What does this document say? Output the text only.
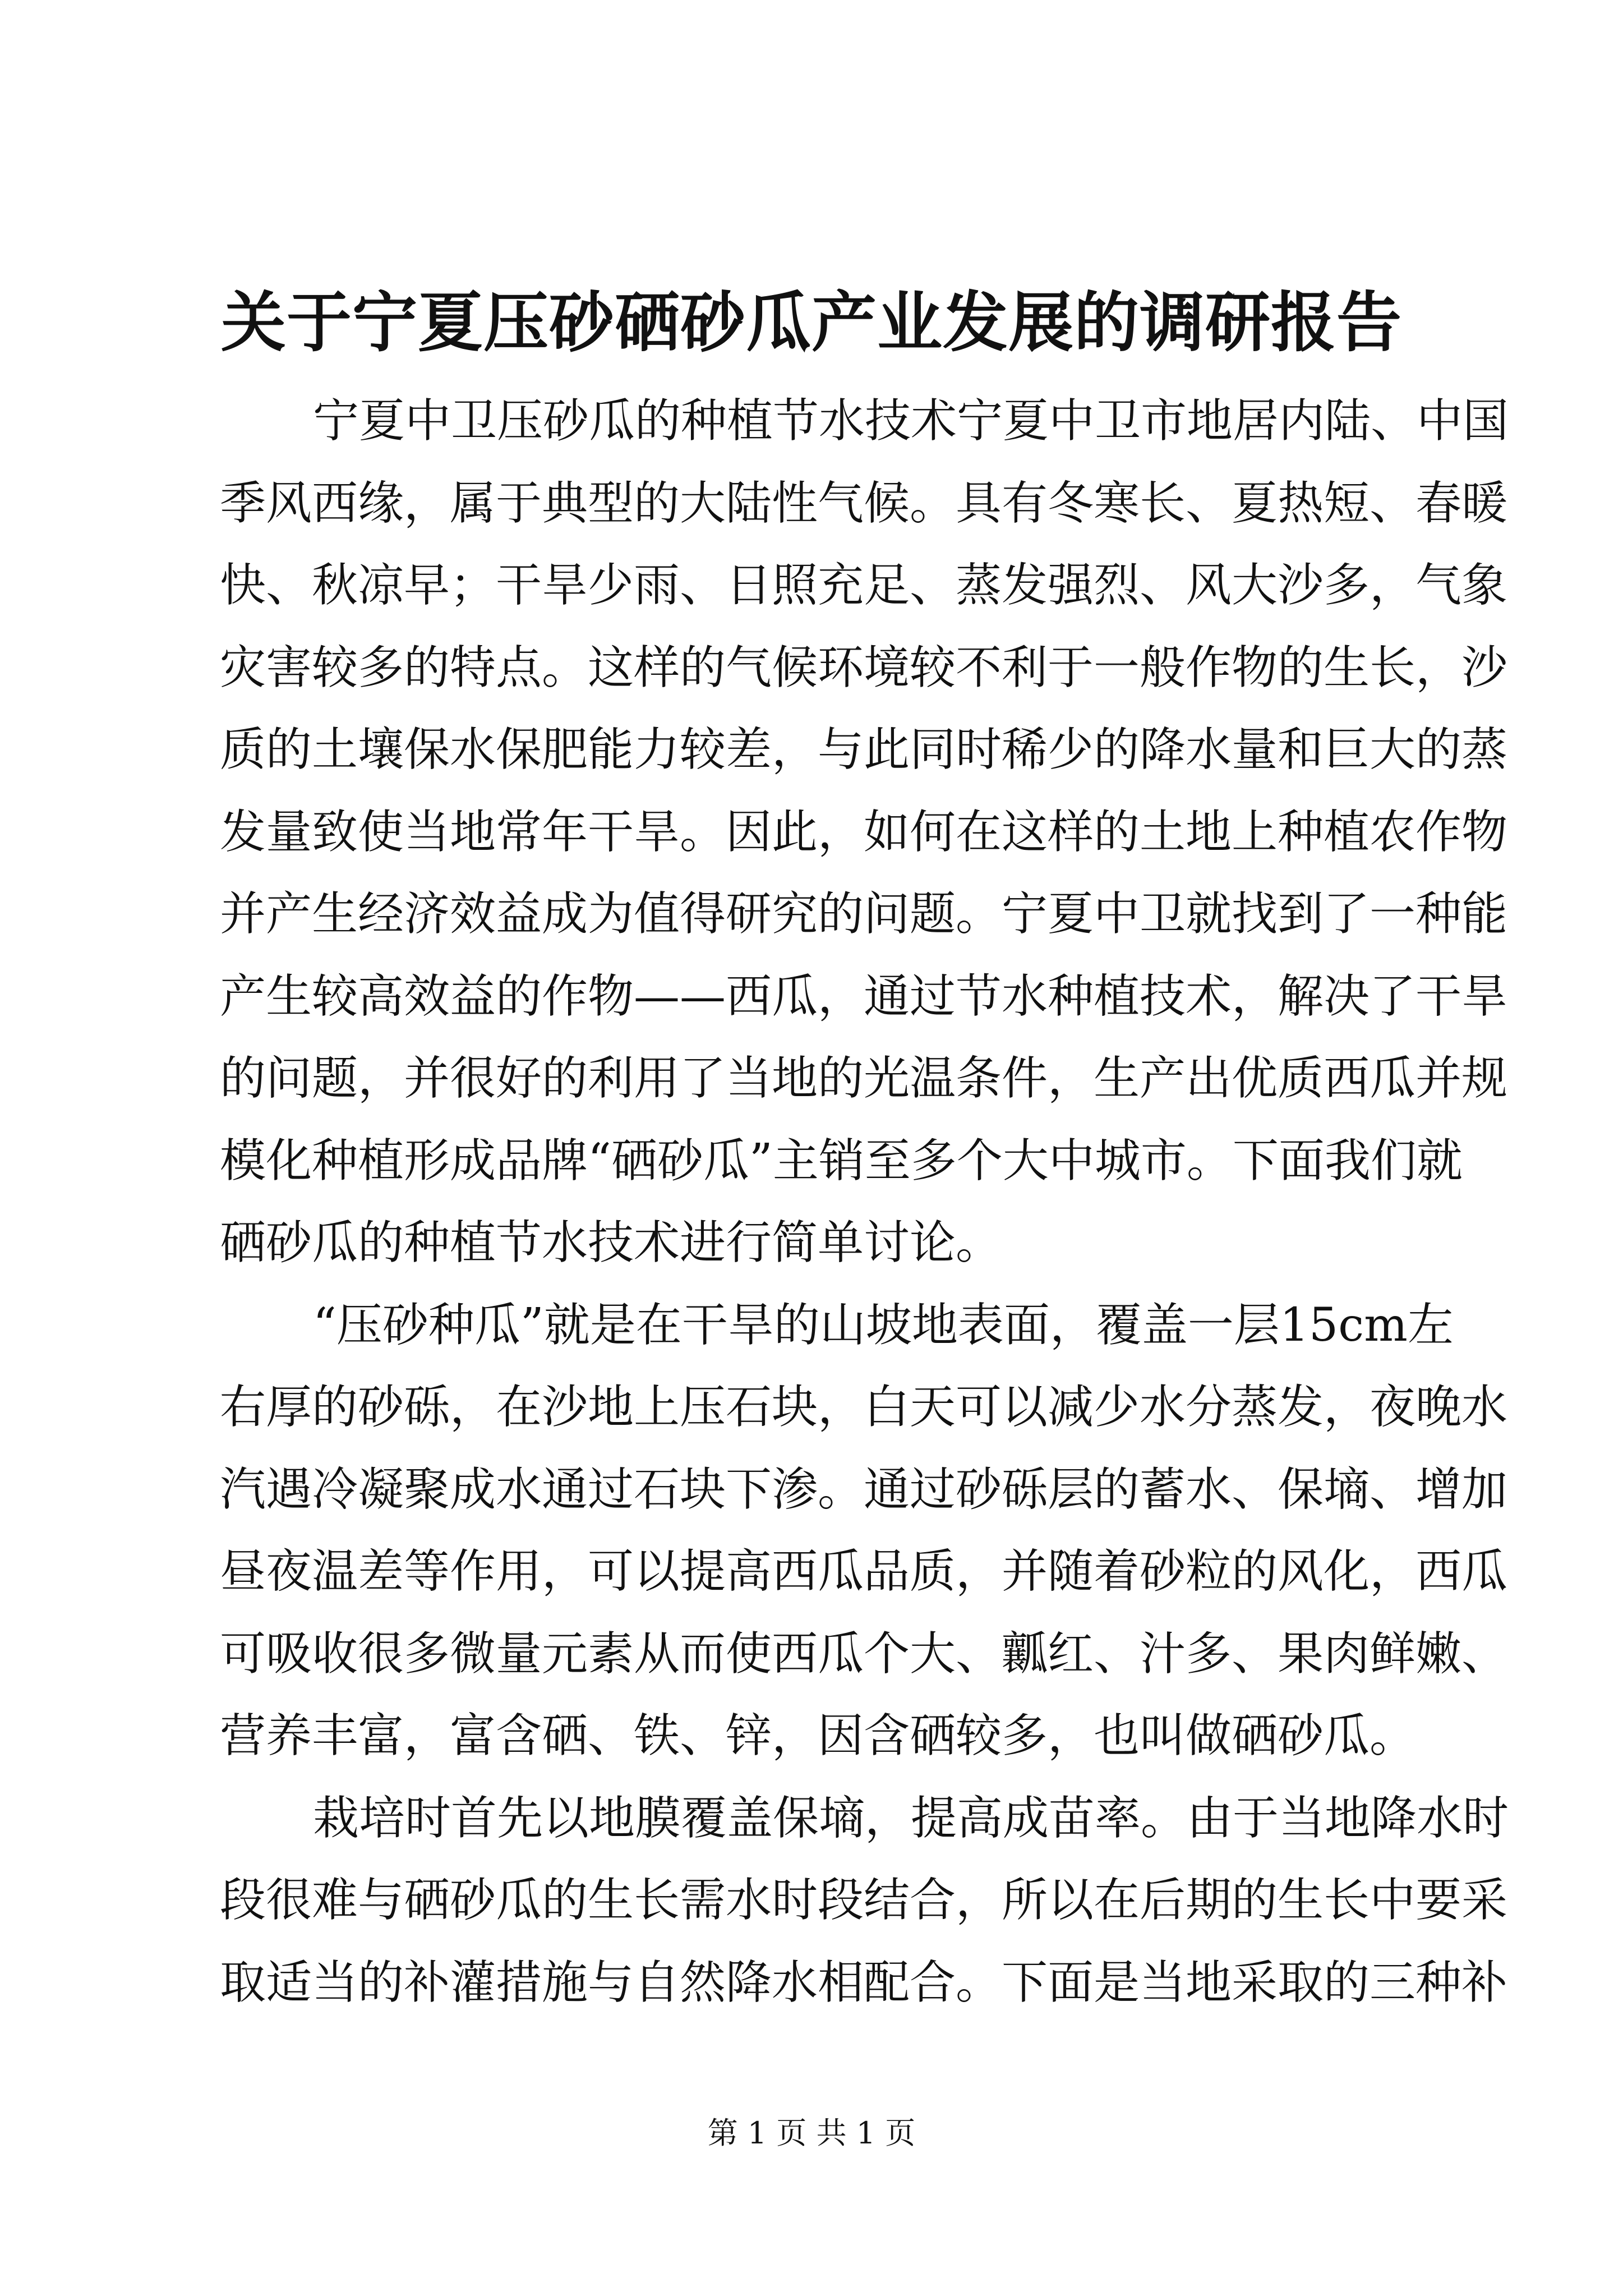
关于宁夏压砂硒砂瓜产业发展的调研报告
宁夏中卫压砂瓜的种植节水技术宁夏中卫市地居内陆、中国
季风西缘，属于典型的大陆性气候。具有冬寒长、夏热短、春暖
快、秋凉早；干旱少雨、日照充足、蒸发强烈、风大沙多，气象
灾害较多的特点。这样的气候环境较不利于一般作物的生长，沙
质的土壤保水保肥能力较差，与此同时稀少的降水量和巨大的蒸
发量致使当地常年干旱。因此，如何在这样的土地上种植农作物
并产生经济效益成为值得研究的问题。宁夏中卫就找到了一种能
产生较高效益的作物——西瓜，通过节水种植技术，解决了干旱
的问题，并很好的利用了当地的光温条件，生产出优质西瓜并规
模化种植形成品牌“硒砂瓜”主销至多个大中城市。下面我们就
硒砂瓜的种植节水技术进行简单讨论。
“压砂种瓜”就是在干旱的山坡地表面，覆盖一层15cm左
右厚的砂砾，在沙地上压石块，白天可以减少水分蒸发，夜晚水
汽遇冷凝聚成水通过石块下渗。通过砂砾层的蓄水、保墒、增加
昼夜温差等作用，可以提高西瓜品质，并随着砂粒的风化，西瓜
可吸收很多微量元素从而使西瓜个大、瓤红、汁多、果肉鲜嫩、
营养丰富，富含硒、铁、锌，因含硒较多，也叫做硒砂瓜。
栽培时首先以地膜覆盖保墒，提高成苗率。由于当地降水时
段很难与硒砂瓜的生长需水时段结合，所以在后期的生长中要采
取适当的补灌措施与自然降水相配合。下面是当地采取的三种补
第 1 页 共 1 页
